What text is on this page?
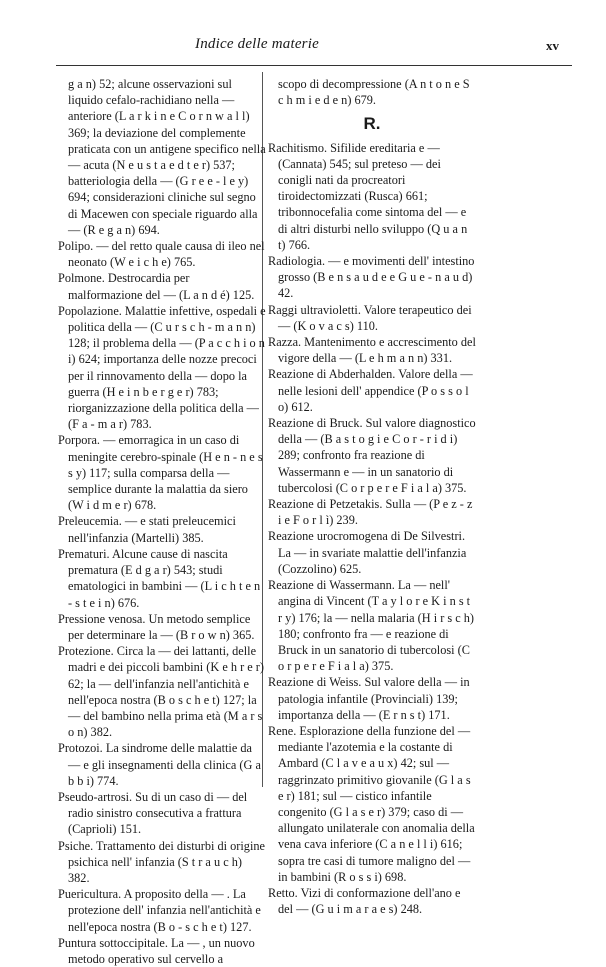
Indice delle materie	xv

g a n) 52; alcune osservazioni sul liquido cefalo-rachidiano nella — anteriore (L a r k i n e C o r n w a l l) 369; la deviazione del complemente praticata con un antigene specifico nella — acuta (N e u s t a e d t e r) 537; batteriologia della — (G r e e - l e y) 694; considerazioni cliniche sul segno di Macewen con speciale riguardo alla — (R e g a n) 694.

Polipo. — del retto quale causa di ileo nel neonato (W e i c h e) 765.

Polmone. Destrocardia per malformazione del — (L a n d é) 125.

Popolazione. Malattie infettive, ospedali e politica della — (C u r s c h - m a n n) 128; il problema della — (P a c c h i o n i) 624; importanza delle nozze precoci per il rinnovamento della — dopo la guerra (H e i n b e r g e r) 783; riorganizzazione della politica della — (F a - m a r) 783.

Porpora. — emorragica in un caso di meningite cerebro-spinale (H e n - n e s s y) 117; sulla comparsa della — semplice durante la malattia da siero (W i d m e r) 678.

Preleucemia. — e stati preleucemici nell'infanzia (Martelli) 385.

Prematuri. Alcune cause di nascita prematura (E d g a r) 543; studi ematologici in bambini — (L i c h t e n - s t e i n) 676.

Pressione venosa. Un metodo semplice per determinare la — (B r o w n) 365.

Protezione. Circa la — dei lattanti, delle madri e dei piccoli bambini (K e h r e r) 62; la — dell'infanzia nell'antichità e nell'epoca nostra (B o s c h e t) 127; la — del bambino nella prima età (M a r s o n) 382.

Protozoi. La sindrome delle malattie da — e gli insegnamenti della clinica (G a b b i) 774.

Pseudo-artrosi. Su di un caso di — del radio sinistro consecutiva a frattura (Caprioli) 151.

Psiche. Trattamento dei disturbi di origine psichica nell' infanzia (S t r a u c h) 382.

Puericultura. A proposito della — . La protezione dell' infanzia nell'antichità e nell'epoca nostra (B o - s c h e t) 127.

Puntura sottoccipitale. La — , un nuovo metodo operativo sul cervello a

scopo di decompressione (A n t o n e S c h m i e d e n) 679.

R.

Rachitismo. Sifilide ereditaria e — (Cannata) 545; sul preteso — dei conigli nati da procreatori tiroidectomizzati (Rusca) 661; tribonnocefalia come sintoma del — e di altri disturbi nello sviluppo (Q u a n t) 766.

Radiologia. — e movimenti dell' intestino grosso (B e n s a u d e e G u e - n a u d) 42.

Raggi ultravioletti. Valore terapeutico dei — (K o v a c s) 110.

Razza. Mantenimento e accrescimento del vigore della — (L e h m a n n) 331.

Reazione di Abderhalden. Valore della — nelle lesioni dell' appendice (P o s s o l o) 612.

Reazione di Bruck. Sul valore diagnostico della — (B a s t o g i e C o r - r i d i) 289; confronto fra reazione di Wassermann e — in un sanatorio di tubercolosi (C o r p e r e F i a l a) 375.

Reazione di Petzetakis. Sulla — (P e z - z i e F o r l ì) 239.

Reazione urocromogena di De Silvestri. La — in svariate malattie dell'infanzia (Cozzolino) 625.

Reazione di Wassermann. La — nell' angina di Vincent (T a y l o r e K i n s t r y) 176; la — nella malaria (H i r s c h) 180; confronto fra — e reazione di Bruck in un sanatorio di tubercolosi (C o r p e r e F i a l a) 375.

Reazione di Weiss. Sul valore della — in patologia infantile (Provinciali) 139; importanza della — (E r n s t) 171.

Rene. Esplorazione della funzione del — mediante l'azotemia e la costante di Ambard (C l a v e a u x) 42; sul — raggrinzato primitivo giovanile (G l a s e r) 181; sul — cistico infantile congenito (G l a s e r) 379; caso di — allungato unilaterale con anomalia della vena cava inferiore (C a n e l l i) 616; sopra tre casi di tumore maligno del — in bambini (R o s s i) 698.

Retto. Vizi di conformazione dell'ano e del — (G u i m a r a e s) 248.
